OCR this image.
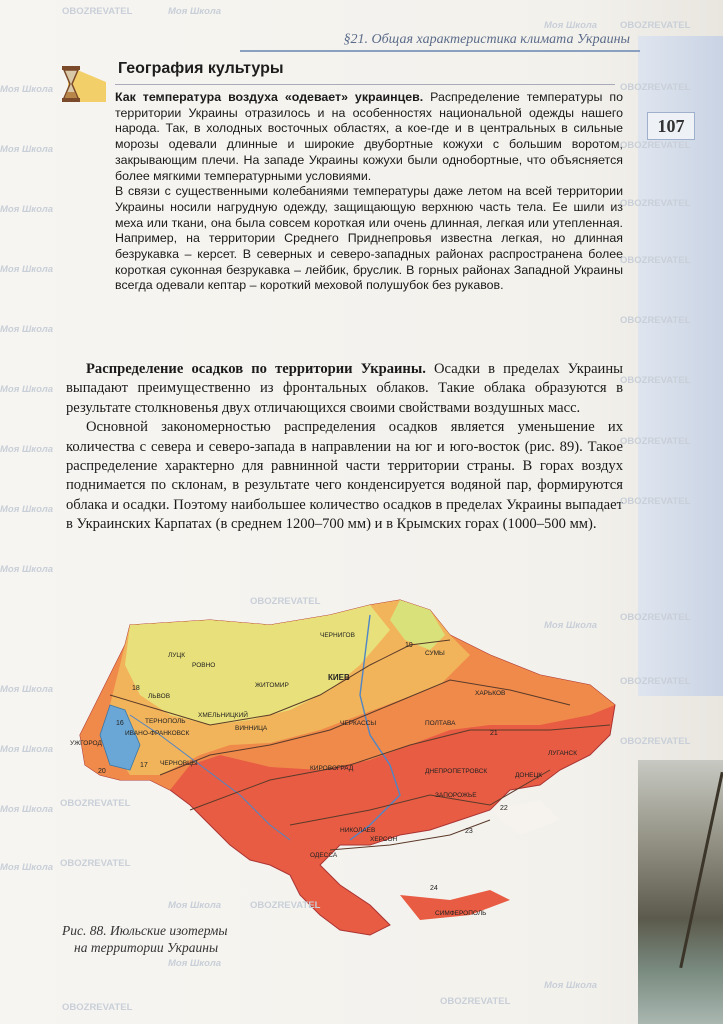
§21. Общая характеристика климата Украины
107
География культуры

Как температура воздуха «одевает» украинцев. Распределение температуры по территории Украины отразилось и на особенностях национальной одежды нашего народа. Так, в холодных восточных областях, а кое-где и в центральных в сильные морозы одевали длинные и широкие двубортные кожухи с большим воротом, закрывающим плечи. На западе Украины кожухи были однобортные, что объясняется более мягкими температурными условиями.

В связи с существенными колебаниями температуры даже летом на всей территории Украины носили нагрудную одежду, защищающую верхнюю часть тела. Ее шили из меха или ткани, она была совсем короткая или очень длинная, легкая или утепленная. Например, на территории Среднего Приднепровья известна легкая, но длинная безрукавка – керсет. В северных и северо-западных районах распространена более короткая суконная безрукавка – лейбик, бруслик. В горных районах Западной Украины всегда одевали кептар – короткий меховой полушубок без рукавов.

Распределение осадков по территории Украины. Осадки в пределах Украины выпадают преимущественно из фронтальных облаков. Такие облака образуются в результате столкновенья двух отличающихся своими свойствами воздушных масс.

Основной закономерностью распределения осадков является уменьшение их количества с севера и северо-запада в направлении на юг и юго-восток (рис. 89). Такое распределение характерно для равнинной части территории страны. В горах воздух поднимается по склонам, в результате чего конденсируется водяной пар, формируются облака и осадки. Поэтому наибольшее количество осадков в пределах Украины выпадает в Украинских Карпатах (в среднем 1200–700 мм) и в Крымских горах (1000–500 мм).

ЧЕРНИГОВ
СУМЫ
ЛУЦК
РОВНО
ЖИТОМИР
КИЕВ
ХАРЬКОВ
ПОЛТАВА
ЛЬВОВ
ТЕРНОПОЛЬ
ХМЕЛЬНИЦКИЙ
ВИННИЦА
ЧЕРКАССЫ
ИВАНО-ФРАНКОВСК
УЖГОРОД
ЧЕРНОВЦЫ
КИРОВОГРАД	ДНЕПРОПЕТРОВСК
ЛУГАНСК
ДОНЕЦК
ЗАПОРОЖЬЕ
НИКОЛАЕВ
ХЕРСОН
ОДЕССА
СИМФЕРОПОЛЬ
17
18
19
20
16
21
22
23
24
Рис. 88. Июльские изотермы
на территории Украины
Моя Школа
OBOZREVATEL
Моя Школа OBOZREVATEL
Моя Школа	OBOZREVATEL
Моя Школа	OBOZREVATEL
Моя Школа
OBOZREVATEL
Моя Школа
OBOZREVATEL
Моя Школа
OBOZREVATEL
Моя Школа
OBOZREVATEL
Моя Школа
OBOZREVATEL
Моя Школа
OBOZREVATEL
Моя Школа
OBOZREVATEL
Моя Школа
OBOZREVATEL
Моя Школа
OBOZREVATEL
Моя Школа
OBOZREVATEL
Моя Школа
OBOZREVATEL
Моя Школа OBOZREVATEL
Моя Школа	OBOZREVATEL
Моя Школа
OBOZREVATEL
Моя Школа
OBOZREVATEL
